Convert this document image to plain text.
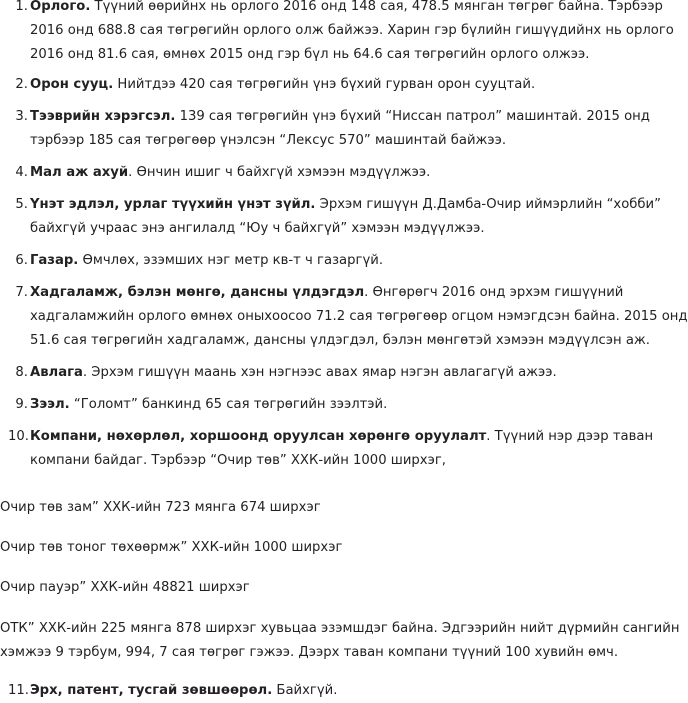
1. Орлого. Түүний өөрийнх нь орлого 2016 онд 148 сая, 478.5 мянган төгрөг байна. Тэрбээр
2016 онд 688.8 сая төгрөгийн орлого олж байжээ. Харин гэр бүлийн гишүүдийнх нь орлого
2016 онд 81.6 сая, өмнөх 2015 онд гэр бүл нь 64.6 сая төгрөгийн орлого олжээ.
2. Орон сууц. Нийтдээ 420 сая төгрөгийн үнэ бүхий гурван орон сууцтай.
3. Тээврийн хэрэгсэл. 139 сая төгрөгийн үнэ бүхий “Ниссан патрол” машинтай. 2015 онд
тэрбээр 185 сая төгрөгөөр үнэлсэн “Лексус 570” машинтай байжээ.
4. Мал аж ахуй. Өнчин ишиг ч байхгүй хэмээн мэдүүлжээ.
5. Үнэт эдлэл, урлаг түүхийн үнэт зүйл. Эрхэм гишүүн Д.Дамба-Очир иймэрлийн “хобби”
байхгүй учраас энэ ангилалд “Юу ч байхгүй” хэмээн мэдүүлжээ.
6. Газар. Өмчлөх, эзэмших нэг метр кв-т ч газаргүй.
7. Хадгаламж, бэлэн мөнгө, дансны үлдэгдэл. Өнгөрөгч 2016 онд эрхэм гишүүний
хадгаламжийн орлого өмнөх оныхоосоо 71.2 сая төгрөгөөр огцом нэмэгдсэн байна. 2015 онд
51.6 сая төгрөгийн хадгаламж, дансны үлдэгдэл, бэлэн мөнгөтэй хэмээн мэдүүлсэн аж.
8. Авлага. Эрхэм гишүүн маань хэн нэгнээс авах ямар нэгэн авлагагүй ажээ.
9. Зээл. “Голомт” банкинд 65 сая төгрөгийн зээлтэй.
10. Компани, нөхөрлөл, хоршоонд оруулсан хөрөнгө оруулалт. Түүний нэр дээр таван
компани байдаг. Тэрбээр “Очир төв” ХХК-ийн 1000 ширхэг,

Очир төв зам” ХХК-ийн 723 мянга 674 ширхэг

Очир төв тоног төхөөрмж” ХХК-ийн 1000 ширхэг

Очир пауэр” ХХК-ийн 48821 ширхэг

ОТК” ХХК-ийн 225 мянга 878 ширхэг хувьцаа эзэмшдэг байна. Эдгээрийн нийт дүрмийн сангийн
хэмжээ 9 тэрбум, 994, 7 сая төгрөг гэжээ. Дээрх таван компани түүний 100 хувийн өмч.

11. Эрх, патент, тусгай зөвшөөрөл. Байхгүй.
